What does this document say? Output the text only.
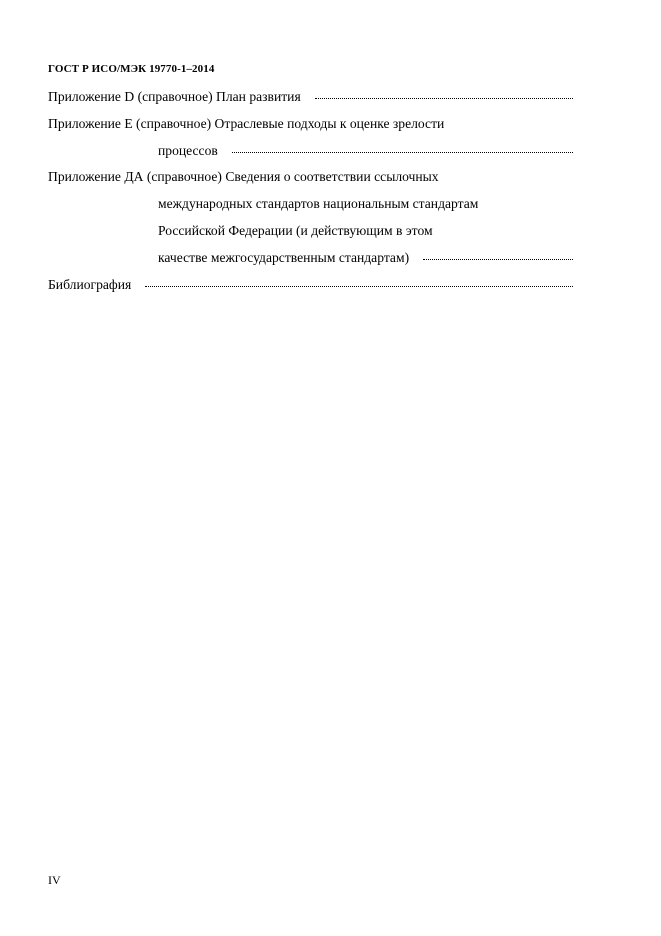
ГОСТ Р ИСО/МЭК 19770-1–2014
Приложение D (справочное) План развития
Приложение E (справочное) Отраслевые подходы к оценке зрелости
процессов
Приложение ДА (справочное) Сведения о соответствии ссылочных
международных стандартов национальным стандартам
Российской Федерации (и действующим в этом
качестве межгосударственным стандартам)
Библиография
IV
